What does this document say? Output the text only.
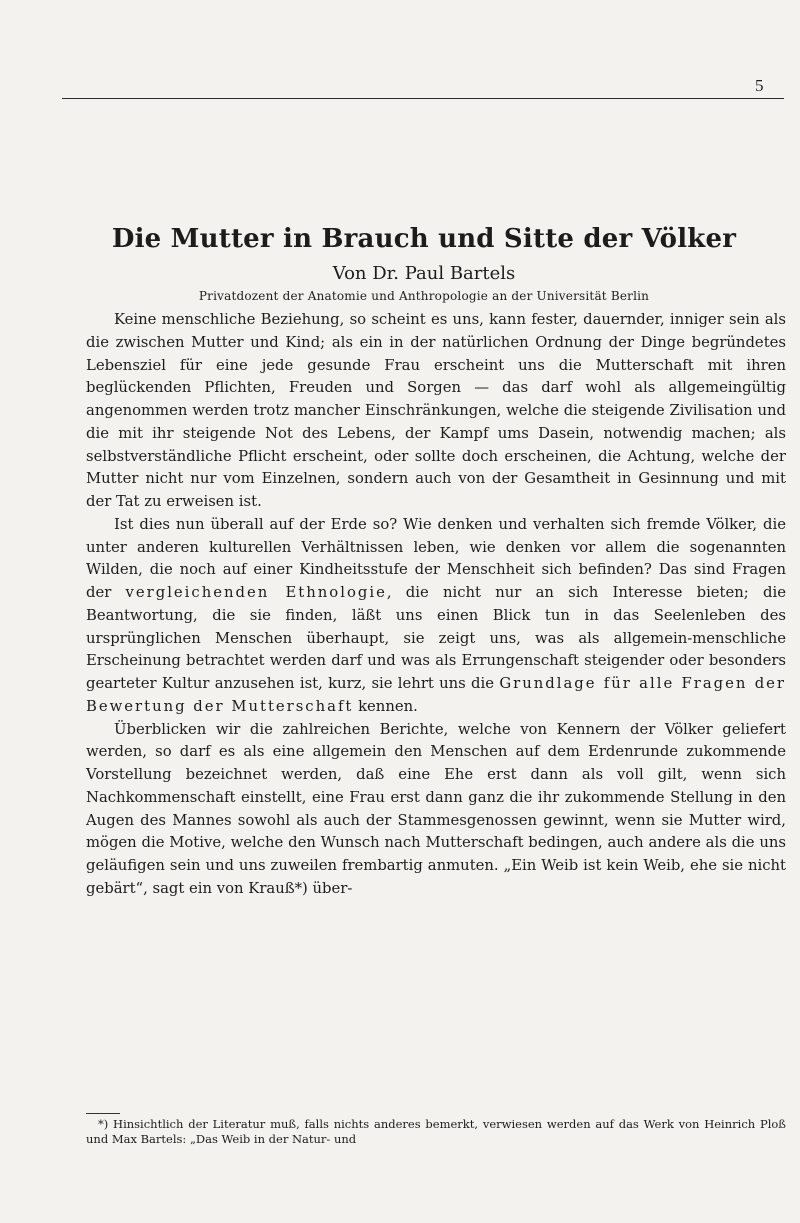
5
Die Mutter in Brauch und Sitte der Völker
Von Dr. Paul Bartels
Privatdozent der Anatomie und Anthropologie an der Universität Berlin

Keine menschliche Beziehung, so scheint es uns, kann fester, dauernder, inniger sein als die zwischen Mutter und Kind; als ein in der natürlichen Ordnung der Dinge begründetes Lebensziel für eine jede gesunde Frau erscheint uns die Mutterschaft mit ihren beglückenden Pflichten, Freuden und Sorgen — das darf wohl als allgemeingültig angenommen werden trotz mancher Einschränkungen, welche die steigende Zivilisation und die mit ihr steigende Not des Lebens, der Kampf ums Dasein, notwendig machen; als selbstverständliche Pflicht erscheint, oder sollte doch erscheinen, die Achtung, welche der Mutter nicht nur vom Einzelnen, sondern auch von der Gesamtheit in Gesinnung und mit der Tat zu erweisen ist.

Ist dies nun überall auf der Erde so? Wie denken und verhalten sich fremde Völker, die unter anderen kulturellen Verhältnissen leben, wie denken vor allem die sogenannten Wilden, die noch auf einer Kindheitsstufe der Menschheit sich befinden? Das sind Fragen der vergleichenden Ethnologie, die nicht nur an sich Interesse bieten; die Beantwortung, die sie finden, läßt uns einen Blick tun in das Seelenleben des ursprünglichen Menschen überhaupt, sie zeigt uns, was als allgemein-menschliche Erscheinung betrachtet werden darf und was als Errungenschaft steigender oder besonders gearteter Kultur anzusehen ist, kurz, sie lehrt uns die Grundlage für alle Fragen der Bewertung der Mutterschaft kennen.

Überblicken wir die zahlreichen Berichte, welche von Kennern der Völker geliefert werden, so darf es als eine allgemein den Menschen auf dem Erdenrunde zukommende Vorstellung bezeichnet werden, daß eine Ehe erst dann als voll gilt, wenn sich Nachkommenschaft einstellt, eine Frau erst dann ganz die ihr zukommende Stellung in den Augen des Mannes sowohl als auch der Stammesgenossen gewinnt, wenn sie Mutter wird, mögen die Motive, welche den Wunsch nach Mutterschaft bedingen, auch andere als die uns geläufigen sein und uns zuweilen frembartig anmuten. „Ein Weib ist kein Weib, ehe sie nicht gebärt“, sagt ein von Krauß*) über-

*) Hinsichtlich der Literatur muß, falls nichts anderes bemerkt, verwiesen werden auf das Werk von Heinrich Ploß und Max Bartels: „Das Weib in der Natur- und
